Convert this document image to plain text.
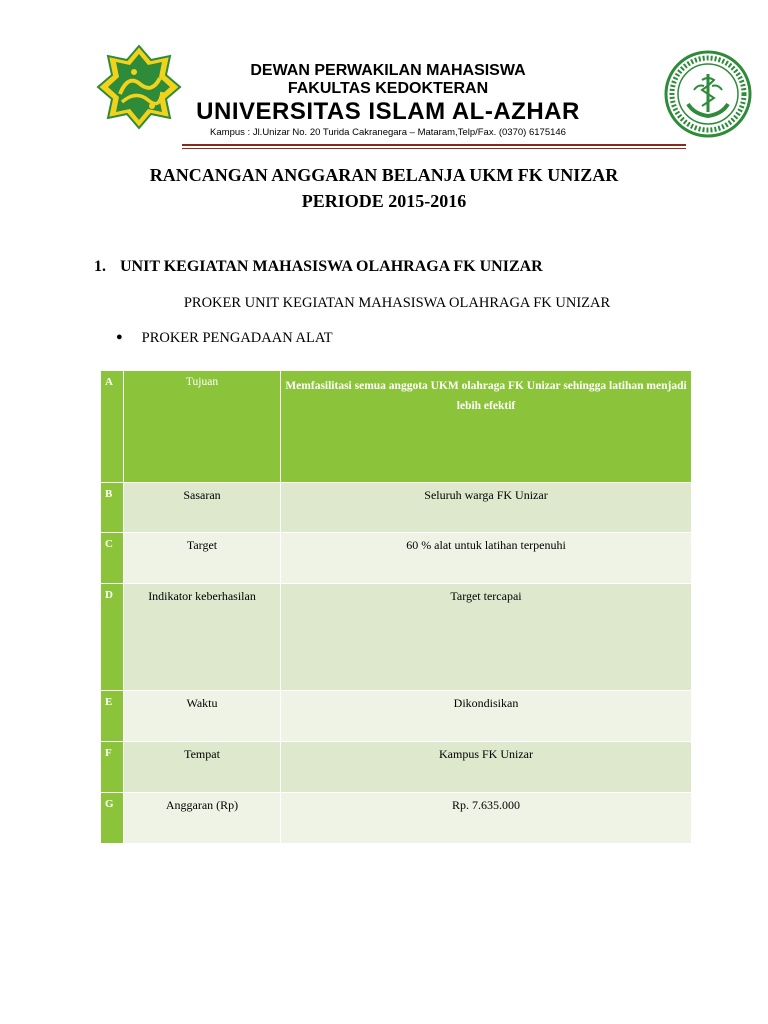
DEWAN PERWAKILAN MAHASISWA
FAKULTAS KEDOKTERAN
UNIVERSITAS ISLAM AL-AZHAR
Kampus : Jl.Unizar No. 20 Turida Cakranegara – Mataram,Telp/Fax. (0370) 6175146
RANCANGAN ANGGARAN BELANJA UKM FK UNIZAR
PERIODE 2015-2016
1. UNIT KEGIATAN MAHASISWA OLAHRAGA FK UNIZAR
PROKER UNIT KEGIATAN MAHASISWA OLAHRAGA FK UNIZAR
● PROKER PENGADAAN ALAT
A	Tujuan	Memfasilitasi semua anggota UKM olahraga FK Unizar sehingga latihan menjadi lebih efektif
B	Sasaran	Seluruh warga FK Unizar
C	Target	60 % alat untuk latihan terpenuhi
D	Indikator keberhasilan	Target tercapai
E	Waktu	Dikondisikan
F	Tempat	Kampus FK Unizar
G	Anggaran (Rp)	Rp. 7.635.000
